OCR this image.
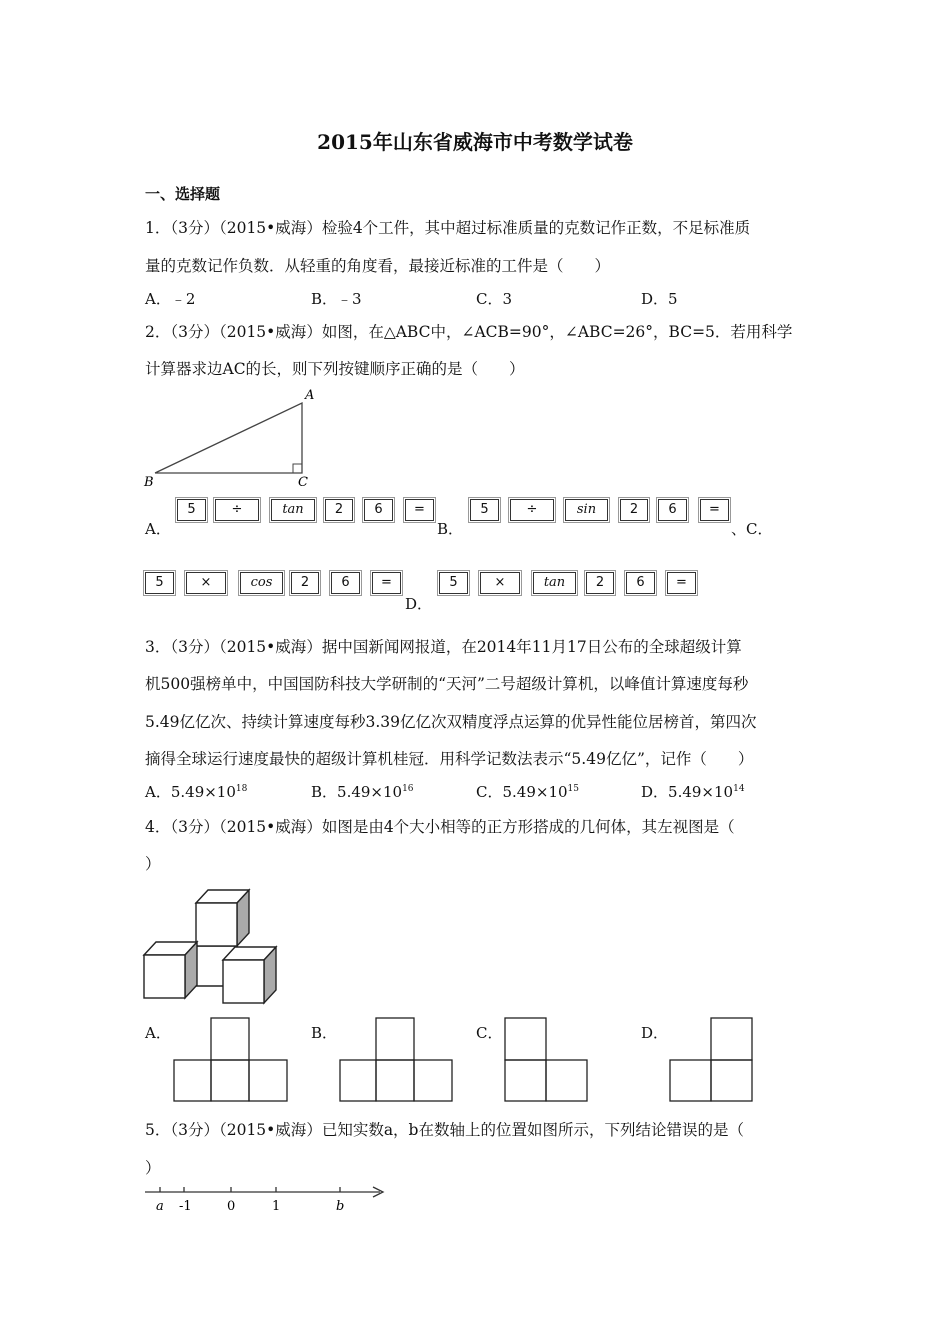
2015年山东省威海市中考数学试卷
一、选择题
1．（3分）（2015•威海）检验4个工件，其中超过标准质量的克数记作正数，不足标准质
量的克数记作负数．从轻重的角度看，最接近标准的工件是（　　）
A．﹣2	B．﹣3	C．3	D．5
2．（3分）（2015•威海）如图，在△ABC中，∠ACB=90°，∠ABC=26°，BC=5．若用科学
计算器求边AC的长，则下列按键顺序正确的是（　　）
A
B	C
A．
5	÷	tan	2	6	=
B．
5	÷	sin	2	6	=
、C．
5	×	cos	2	6	=
D．
5	×	tan	2	6	=
3．（3分）（2015•威海）据中国新闻网报道，在2014年11月17日公布的全球超级计算
机500强榜单中，中国国防科技大学研制的“天河”二号超级计算机，以峰值计算速度每秒
5.49亿亿次、持续计算速度每秒3.39亿亿次双精度浮点运算的优异性能位居榜首，第四次
摘得全球运行速度最快的超级计算机桂冠．用科学记数法表示“5.49亿亿”，记作（　　）
A．$5.49\times 10^{18}$	B．$5.49\times 10^{16}$	C．$5.49\times 10^{15}$	D．$5.49\times 10^{14}$
4．（3分）（2015•威海）如图是由4个大小相等的正方形搭成的几何体，其左视图是（
）
A．	B．	C．	D．
5．（3分）（2015•威海）已知实数a，b在数轴上的位置如图所示，下列结论错误的是（
）
a -1	0	1	b
